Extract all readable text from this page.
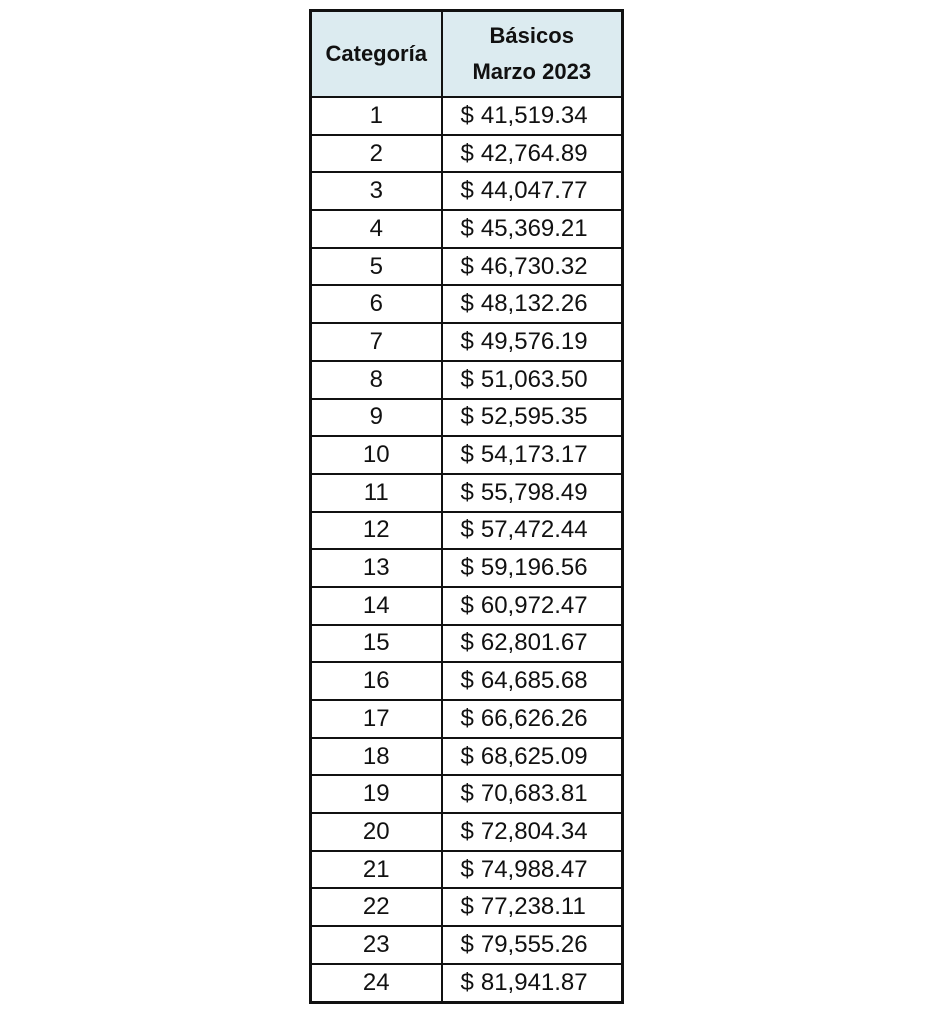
Categoría	Básicos
Marzo 2023

1	$ 41,519.34
2	$ 42,764.89
3	$ 44,047.77
4	$ 45,369.21
5	$ 46,730.32
6	$ 48,132.26
7	$ 49,576.19
8	$ 51,063.50
9	$ 52,595.35
10	$ 54,173.17
11	$ 55,798.49
12	$ 57,472.44
13	$ 59,196.56
14	$ 60,972.47
15	$ 62,801.67
16	$ 64,685.68
17	$ 66,626.26
18	$ 68,625.09
19	$ 70,683.81
20	$ 72,804.34
21	$ 74,988.47
22	$ 77,238.11
23	$ 79,555.26
24	$ 81,941.87
